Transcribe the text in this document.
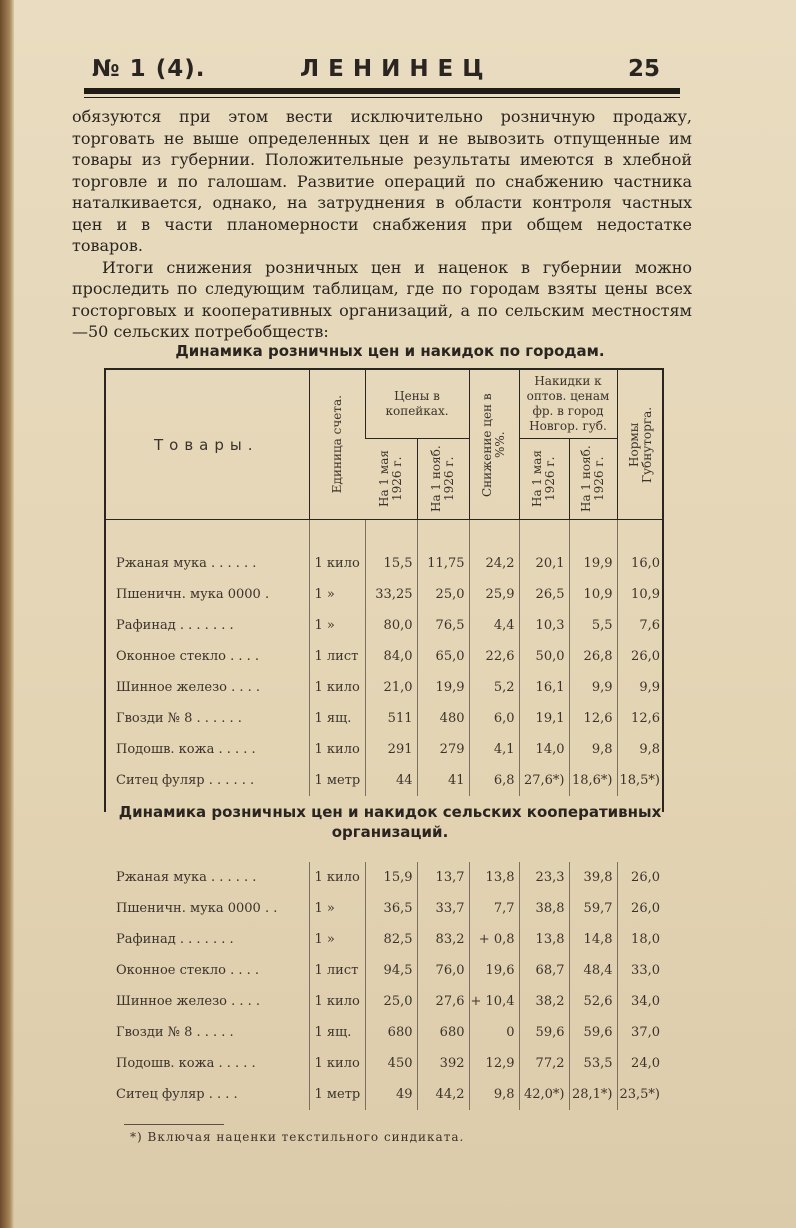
№ 1 (4).	ЛЕНИНЕЦ	25

обязуются при этом вести исключительно розничную продажу, торговать не выше определенных цен и не вывозить отпущенные им товары из губернии. Положительные результаты имеются в хлебной торговле и по галошам. Развитие операций по снабжению частника наталкивается, однако, на затруднения в области контроля частных цен и в части планомерности снабжения при общем недостатке товаров.

Итоги снижения розничных цен и наценок в губернии можно проследить по следующим таблицам, где по городам взяты цены всех госторговых и кооперативных организаций, а по сельским местностям—50 сельских потребобществ:

Динамика розничных цен и накидок по городам.
Товары.	Единица счета.	Цены в копейках.		Снижение цен в %%.	Накидки к оптов. ценам фр. в город Новгор. губ.		Нормы Губнуторга.

		На 1 мая 1926 г.	На 1 нояб. 1926 г.		На 1 мая 1926 г.	На 1 нояб. 1926 г.	

Ржаная мука . . . . . .	1 кило	15,5	11,75	24,2	20,1	19,9	16,0
Пшеничн. мука 0000 .	1 »	33,25	25,0	25,9	26,5	10,9	10,9
Рафинад . . . . . . .	1 »	80,0	76,5	4,4	10,3	5,5	7,6
Оконное стекло . . . .	1 лист	84,0	65,0	22,6	50,0	26,8	26,0
Шинное железо . . . .	1 кило	21,0	19,9	5,2	16,1	9,9	9,9
Гвозди № 8 . . . . . .	1 ящ.	511	480	6,0	19,1	12,6	12,6
Подошв. кожа . . . . .	1 кило	291	279	4,1	14,0	9,8	9,8
Ситец фуляр . . . . . .	1 метр	44	41	6,8	27,6*)	18,6*)	18,5*)
Динамика розничных цен и накидок сельских кооперативных организаций.
Ржаная мука . . . . . .	1 кило	15,9	13,7	13,8	23,3	39,8	26,0
Пшеничн. мука 0000 . .	1 »	36,5	33,7	7,7	38,8	59,7	26,0
Рафинад . . . . . . .	1 »	82,5	83,2	+ 0,8	13,8	14,8	18,0
Оконное стекло . . . .	1 лист	94,5	76,0	19,6	68,7	48,4	33,0
Шинное железо . . . .	1 кило	25,0	27,6	+ 10,4	38,2	52,6	34,0
Гвозди № 8 . . . . .	1 ящ.	680	680	0	59,6	59,6	37,0
Подошв. кожа . . . . .	1 кило	450	392	12,9	77,2	53,5	24,0
Ситец фуляр . . . .	1 метр	49	44,2	9,8	42,0*)	28,1*)	23,5*)
*) Включая наценки текстильного синдиката.
